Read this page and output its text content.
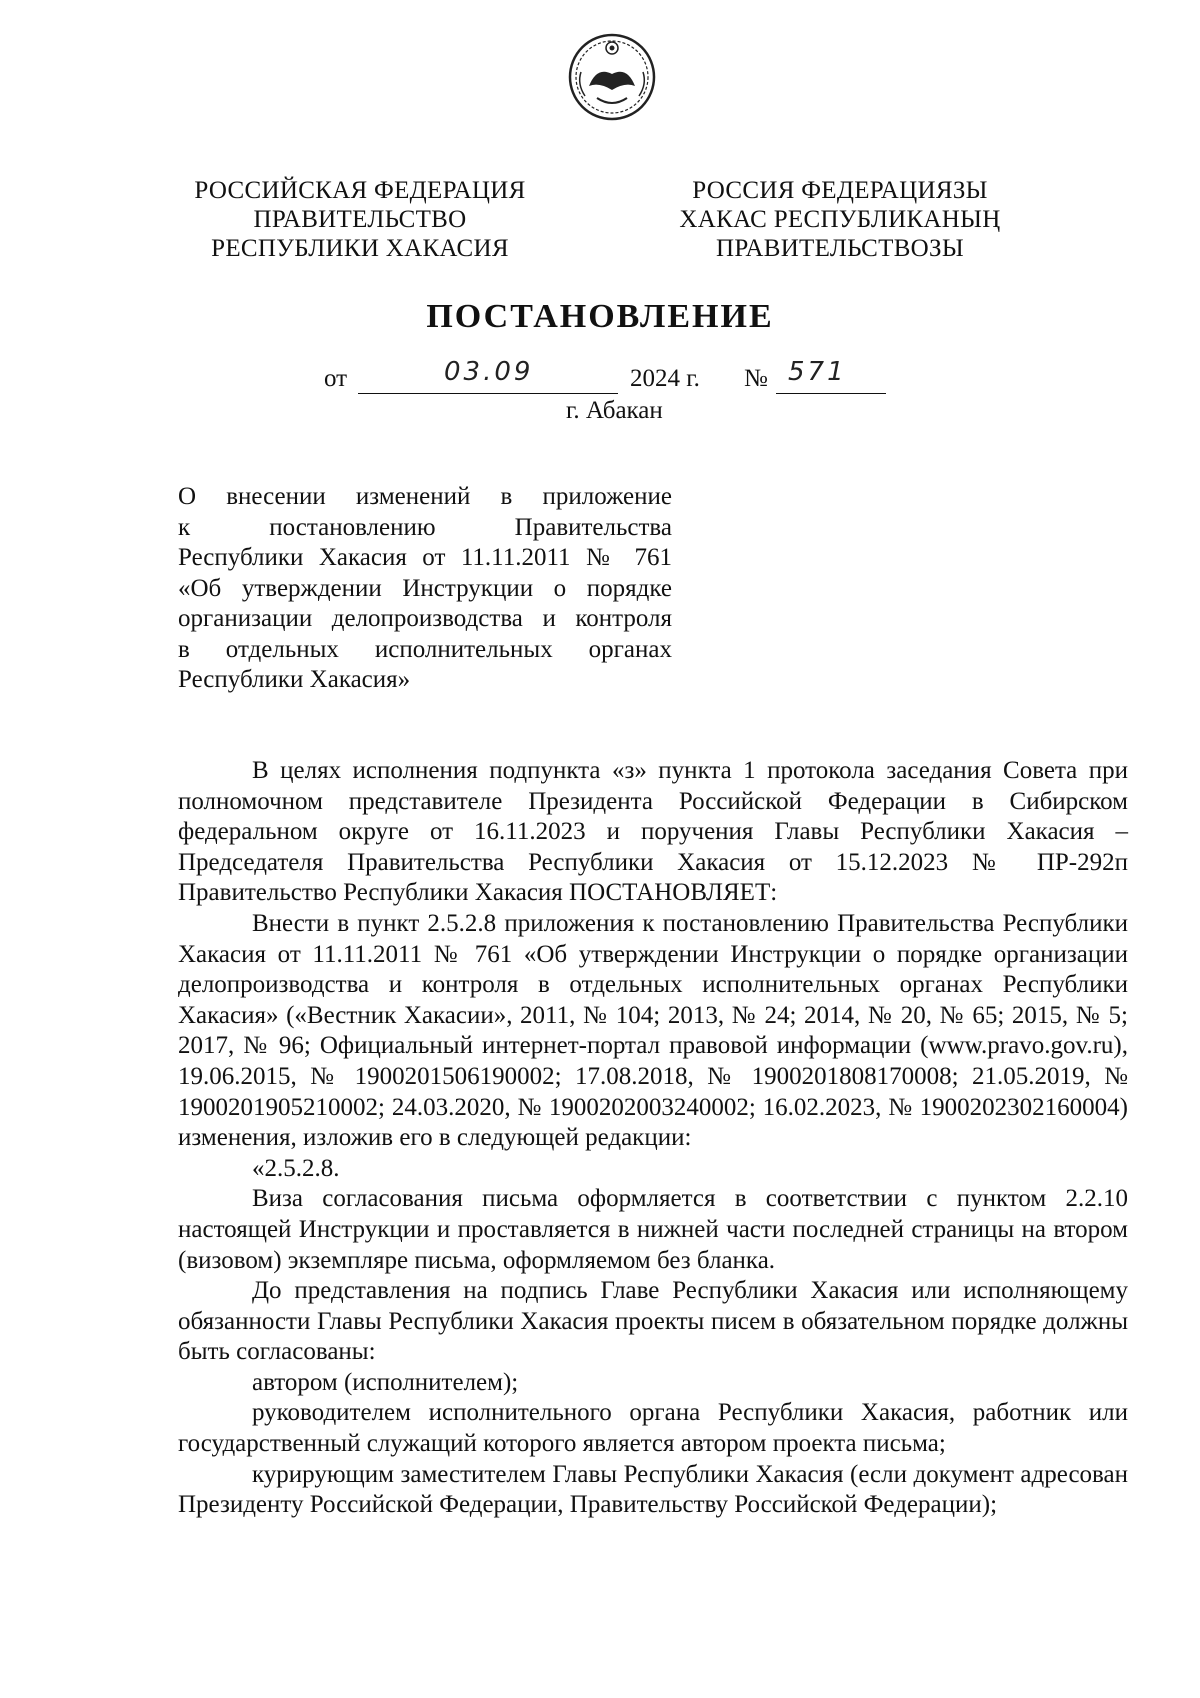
РОССИЙСКАЯ ФЕДЕРАЦИЯ
ПРАВИТЕЛЬСТВО
РЕСПУБЛИКИ ХАКАСИЯ
РОССИЯ ФЕДЕРАЦИЯЗЫ
ХАКАС РЕСПУБЛИКАНЫҢ
ПРАВИТЕЛЬСТВОЗЫ
ПОСТАНОВЛЕНИЕ
от	03.09	2024 г. № 571
г. Абакан
О внесении изменений в приложение
к постановлению Правительства
Республики Хакасия от 11.11.2011 № 761
«Об утверждении Инструкции о порядке
организации делопроизводства и контроля
в отдельных исполнительных органах
Республики Хакасия»

В целях исполнения подпункта «з» пункта 1 протокола заседания Совета при полномочном представителе Президента Российской Федерации в Сибирском федеральном округе от 16.11.2023 и поручения Главы Республики Хакасия – Председателя Правительства Республики Хакасия от 15.12.2023 № ПР-292п Правительство Республики Хакасия ПОСТАНОВЛЯЕТ:

Внести в пункт 2.5.2.8 приложения к постановлению Правительства Республики Хакасия от 11.11.2011 № 761 «Об утверждении Инструкции о порядке организации делопроизводства и контроля в отдельных исполнительных органах Республики Хакасия» («Вестник Хакасии», 2011, № 104; 2013, № 24; 2014, № 20, № 65; 2015, № 5; 2017, № 96; Официальный интернет-портал правовой информации (www.pravo.gov.ru), 19.06.2015, № 1900201506190002; 17.08.2018, № 1900201808170008; 21.05.2019, № 1900201905210002; 24.03.2020, № 1900202003240002; 16.02.2023, № 1900202302160004) изменения, изложив его в следующей редакции:

«2.5.2.8.

Виза согласования письма оформляется в соответствии с пунктом 2.2.10 настоящей Инструкции и проставляется в нижней части последней страницы на втором (визовом) экземпляре письма, оформляемом без бланка.

До представления на подпись Главе Республики Хакасия или исполняющему обязанности Главы Республики Хакасия проекты писем в обязательном порядке должны быть согласованы:

автором (исполнителем);

руководителем исполнительного органа Республики Хакасия, работник или государственный служащий которого является автором проекта письма;

курирующим заместителем Главы Республики Хакасия (если документ адресован Президенту Российской Федерации, Правительству Российской Федерации);
